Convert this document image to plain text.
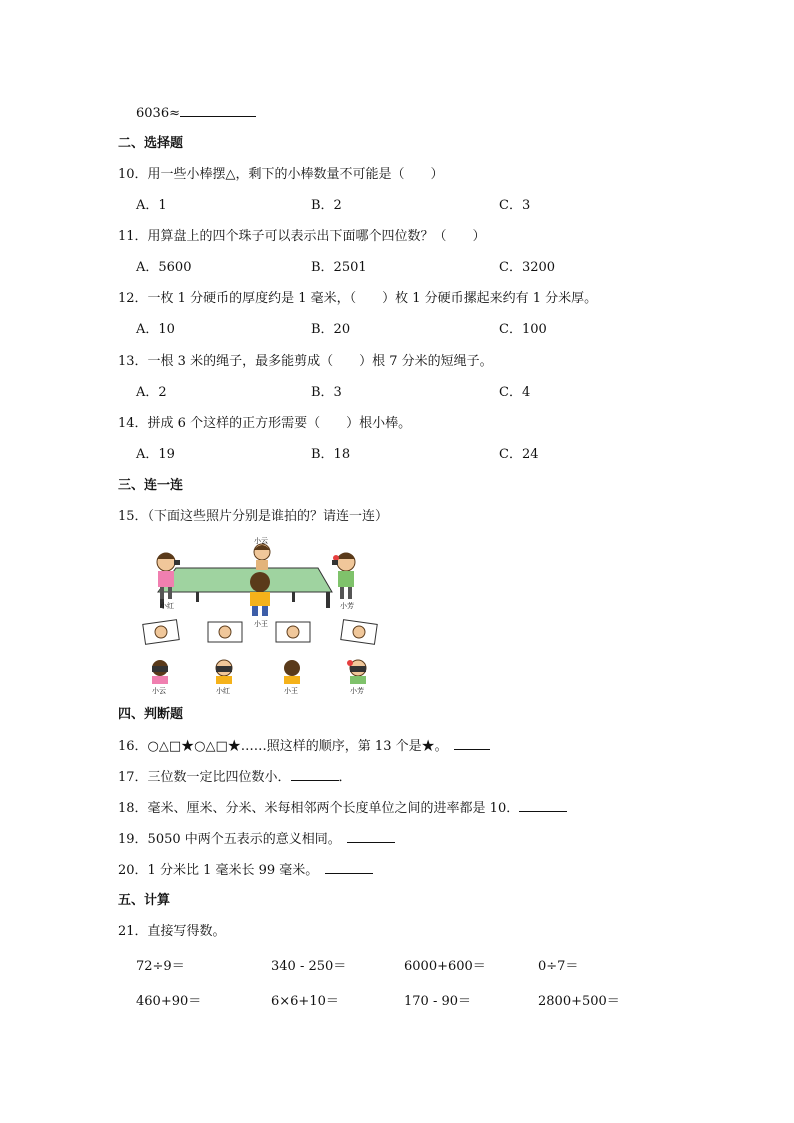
6036≈
二、选择题
10．用一些小棒摆△，剩下的小棒数量不可能是（　　）
A．1	B．2	C．3
11．用算盘上的四个珠子可以表示出下面哪个四位数？（　　）
A．5600	B．2501	C．3200
12．一枚 1 分硬币的厚度约是 1 毫米，（　　）枚 1 分硬币摞起来约有 1 分米厚。
A．10	B．20	C．100
13．一根 3 米的绳子，最多能剪成（　　）根 7 分米的短绳子。
A．2	B．3	C．4
14．拼成 6 个这样的正方形需要（　　）根小棒。
A．19	B．18	C．24
三、连一连
15．（下面这些照片分别是谁拍的？请连一连）
小云
小红
小王
小芳
小云	小红	小王	小芳
四、判断题
16．○△□★○△□★……照这样的顺序，第 13 个是★。　
17．三位数一定比四位数小．	．
18．毫米、厘米、分米、米每相邻两个长度单位之间的进率都是 10．
19．5050 中两个五表示的意义相同。　
20．1 分米比 1 毫米长 99 毫米。　
五、计算
21．直接写得数。
72÷9＝	340 - 250＝	6000+600＝	0÷7＝
460+90＝	6×6+10＝	170 - 90＝	2800+500＝
